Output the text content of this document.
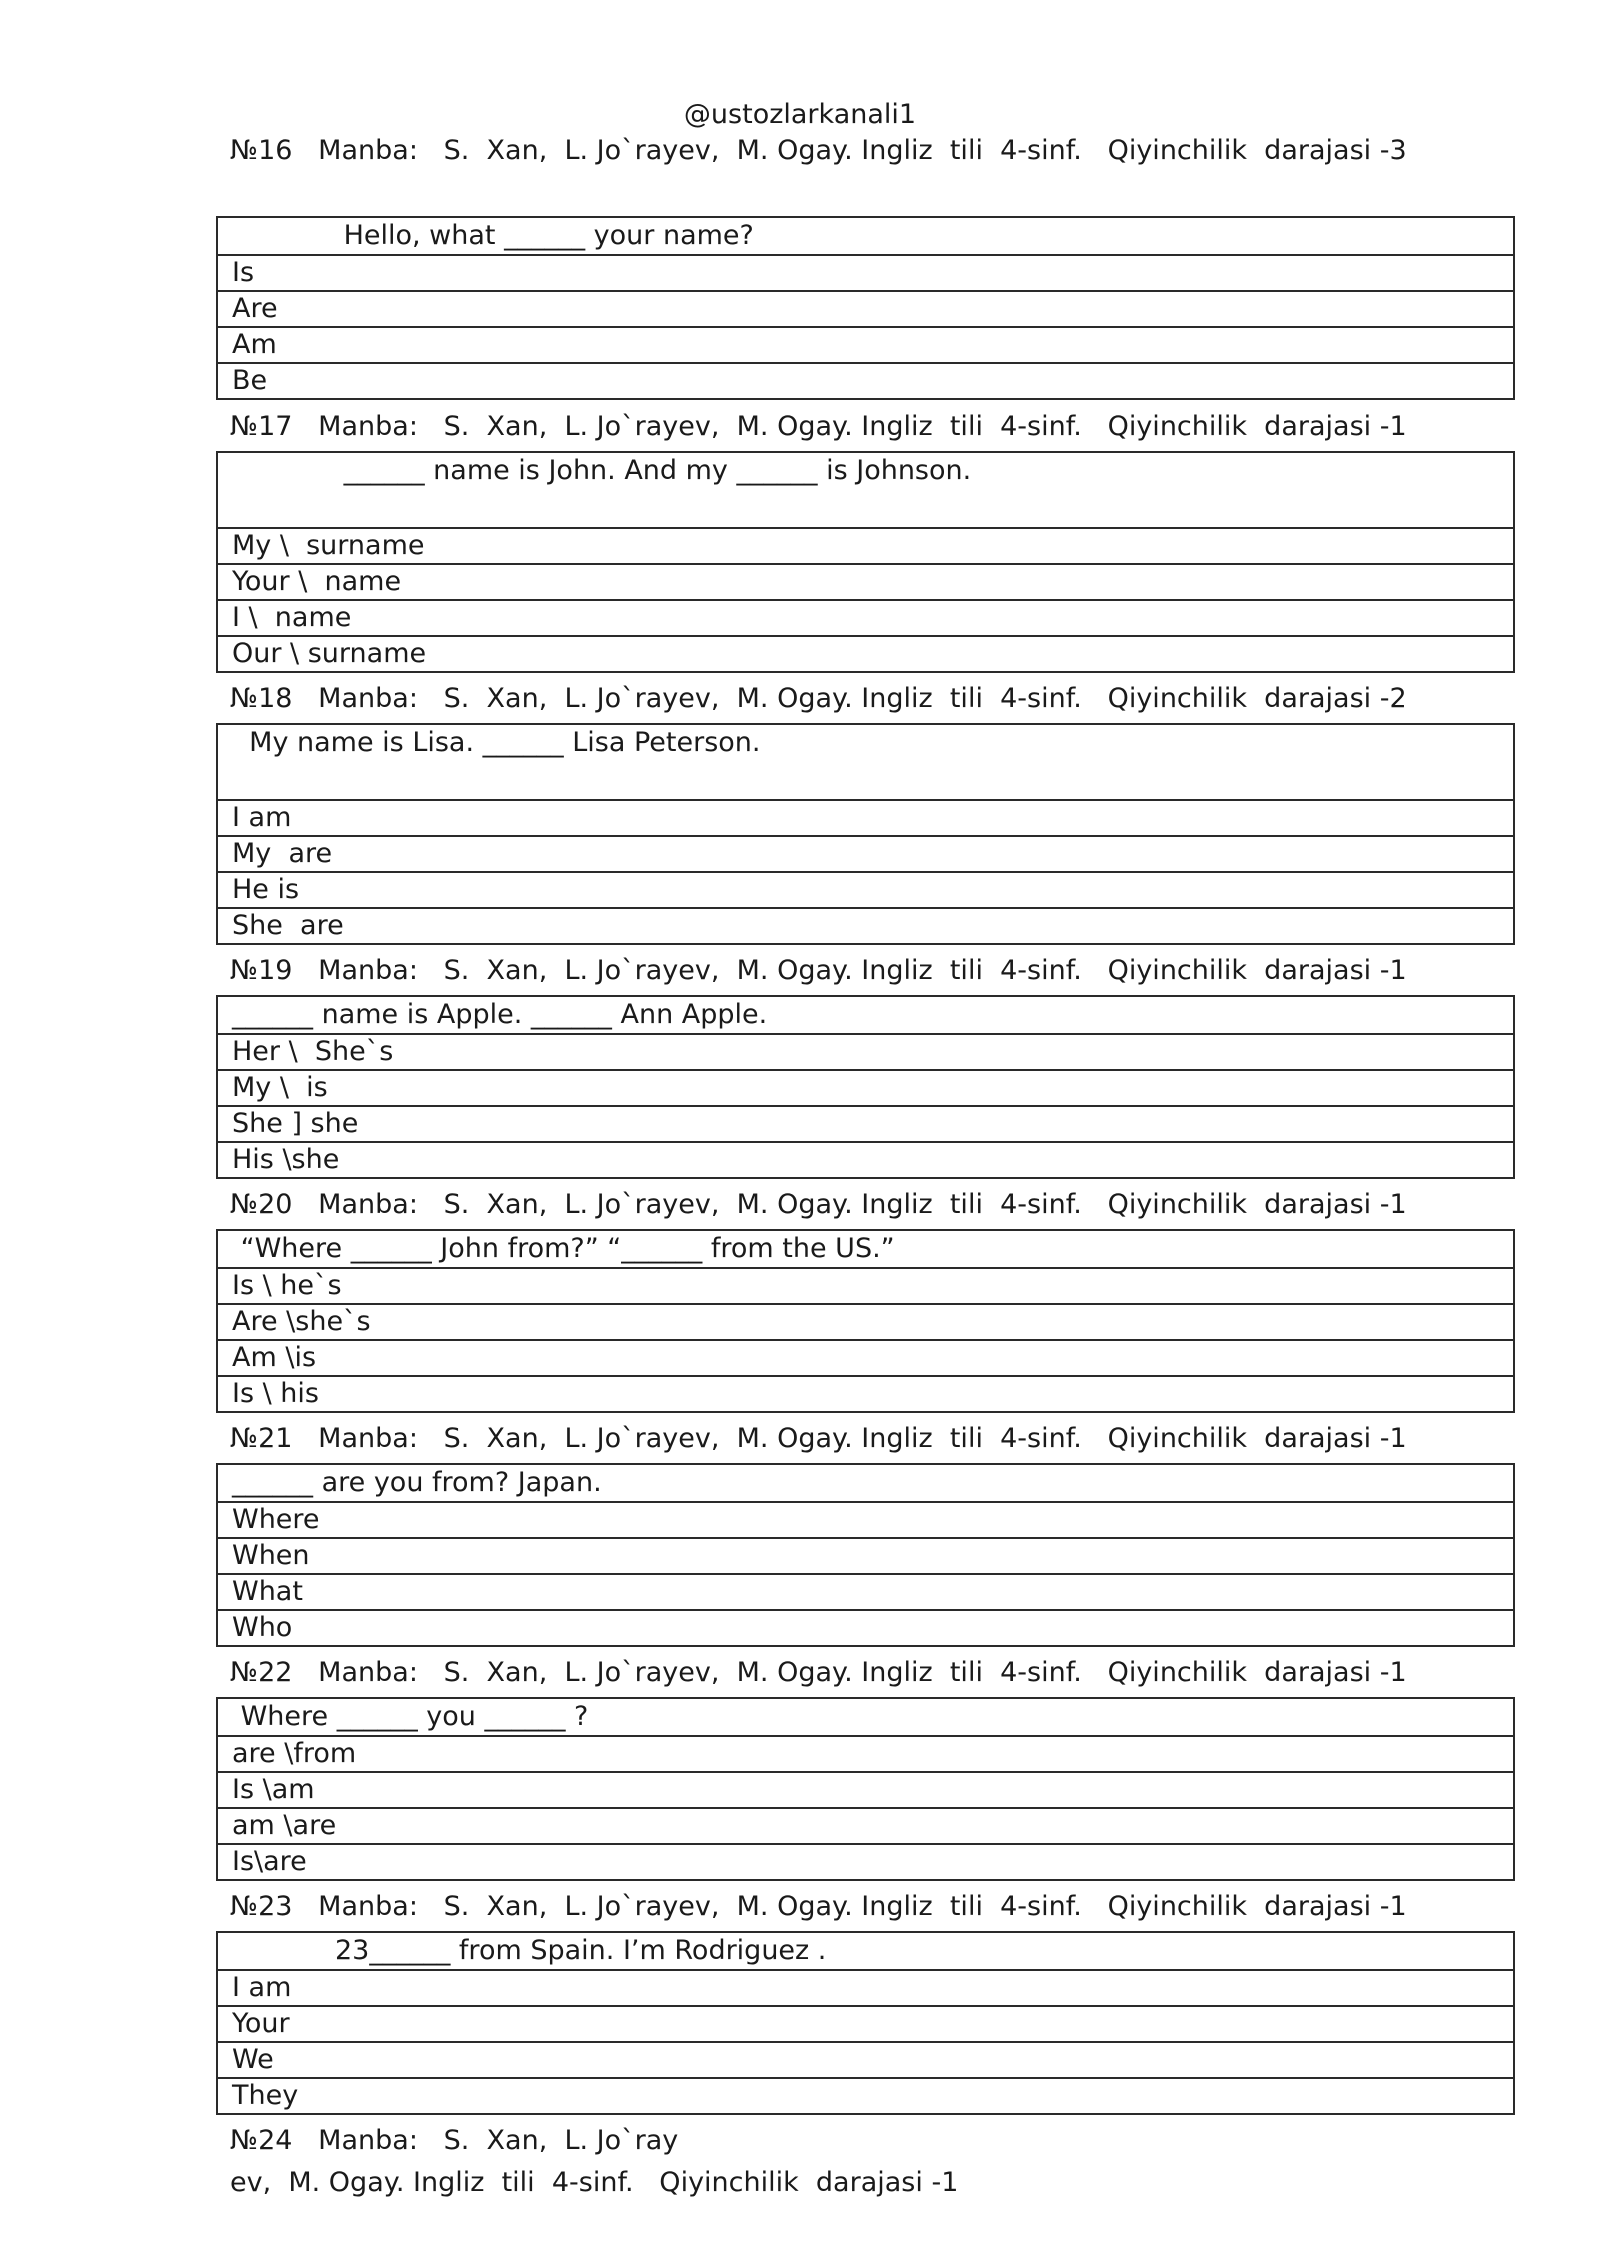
@ustozlarkanali1
№16   Manba:   S.  Xan,  L. Jo`rayev,  M. Ogay. Ingliz  tili  4-sinf.   Qiyinchilik  darajasi -3
Hello, what ______ your name?
Is
Are
Am
Be
№17   Manba:   S.  Xan,  L. Jo`rayev,  M. Ogay. Ingliz  tili  4-sinf.   Qiyinchilik  darajasi -1
______ name is John. And my ______ is Johnson.
My \  surname
Your \  name
I \  name
Our \ surname
№18   Manba:   S.  Xan,  L. Jo`rayev,  M. Ogay. Ingliz  tili  4-sinf.   Qiyinchilik  darajasi -2
My name is Lisa. ______ Lisa Peterson.
I am
My  are
He is
She  are
№19   Manba:   S.  Xan,  L. Jo`rayev,  M. Ogay. Ingliz  tili  4-sinf.   Qiyinchilik  darajasi -1
______ name is Apple. ______ Ann Apple.
Her \  She`s
My \  is
She ] she
His \she
№20   Manba:   S.  Xan,  L. Jo`rayev,  M. Ogay. Ingliz  tili  4-sinf.   Qiyinchilik  darajasi -1
“Where ______ John from?” “______ from the US.”
Is \ he`s
Are \she`s
Am \is
Is \ his
№21   Manba:   S.  Xan,  L. Jo`rayev,  M. Ogay. Ingliz  tili  4-sinf.   Qiyinchilik  darajasi -1
______ are you from? Japan.
Where
When
What
Who
№22   Manba:   S.  Xan,  L. Jo`rayev,  M. Ogay. Ingliz  tili  4-sinf.   Qiyinchilik  darajasi -1
Where ______ you ______ ?
are \from
Is \am
am \are
Is\are
№23   Manba:   S.  Xan,  L. Jo`rayev,  M. Ogay. Ingliz  tili  4-sinf.   Qiyinchilik  darajasi -1
23______ from Spain. I’m Rodriguez .
I am
Your
We
They
№24   Manba:   S.  Xan,  L. Jo`ray
ev,  M. Ogay. Ingliz  tili  4-sinf.   Qiyinchilik  darajasi -1
